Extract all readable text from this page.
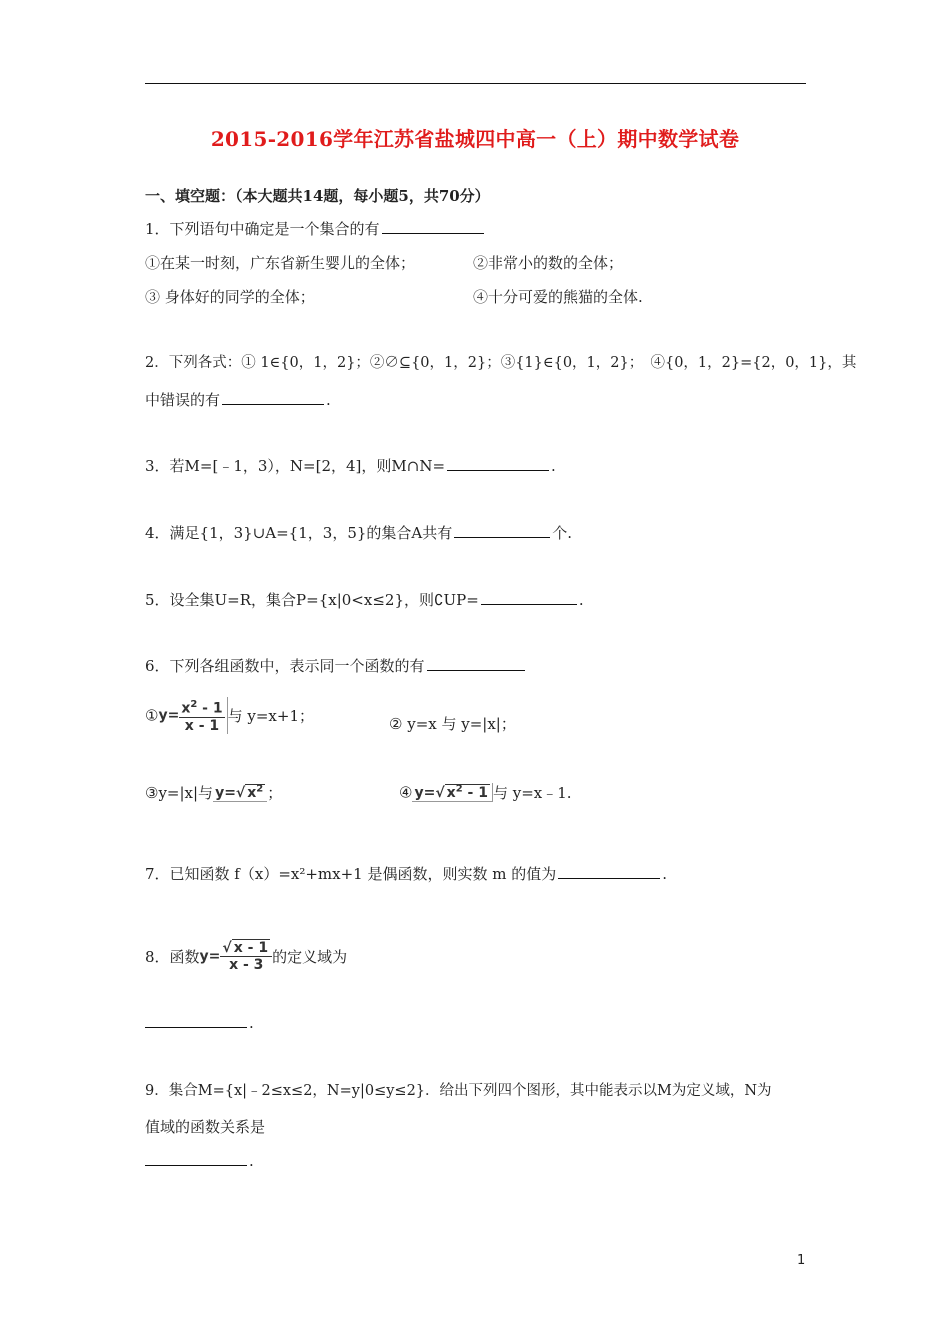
2015-2016学年江苏省盐城四中高一（上）期中数学试卷
一、填空题：（本大题共14题，每小题5，共70分）
1．下列语句中确定是一个集合的有
①在某一时刻，广东省新生婴儿的全体；	②非常小的数的全体；
③ 身体好的同学的全体；	④十分可爱的熊猫的全体.
2．下列各式：① 1∈{0，1，2}；②∅⊆{0，1，2}；③{1}∈{0，1，2}；　④{0，1，2}={2，0，1}，其
中错误的有	.
3．若M=[﹣1，3），N=[2，4]，则M∩N=	.
4．满足{1，3}∪A={1，3，5}的集合A共有	个.
5．设全集U=R，集合P={x|0<x≤2}，则∁UP=	.
6．下列各组函数中，表示同一个函数的有
①y= $\frac{x^2 - 1}{x - 1}$ 与 y=x+1；	② y=x 与 y=|x|；
③y=|x|与 y=√ $x^2$ ；	④ y=√ $x^2 - 1$ 与 y=x﹣1.
7．已知函数 f（x）=x²+mx+1 是偶函数，则实数 m 的值为	.
8．函数$y= \frac{√ x - 1}{x - 3}$ 的定义域为
.
9．集合M={x|﹣2≤x≤2，N=y|0≤y≤2}．给出下列四个图形，其中能表示以M为定义域，N为
值域的函数关系是
.
1
